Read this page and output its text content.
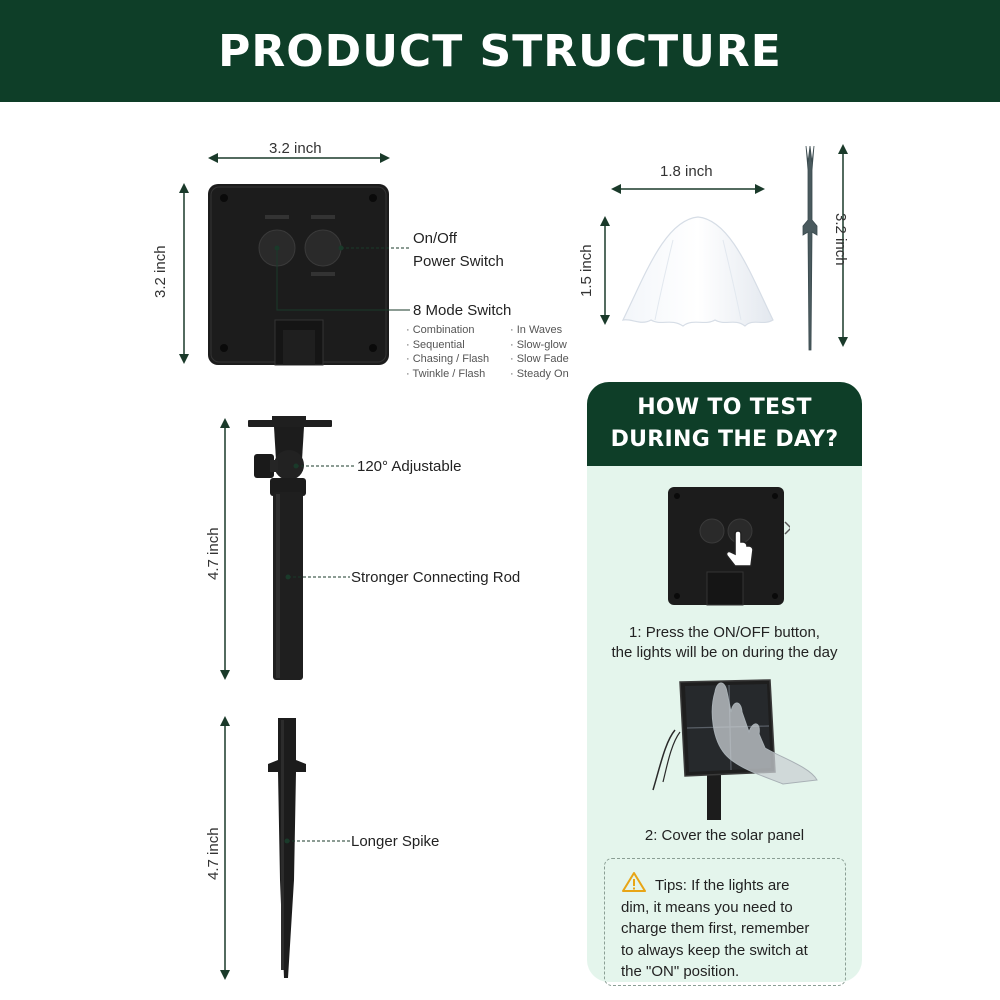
PRODUCT STRUCTURE
3.2 inch
3.2 inch
On/Off
Power Switch
8 Mode Switch
· Combination
· Sequential
· Chasing / Flash
· Twinkle / Flash
· In Waves
· Slow-glow
· Slow Fade
· Steady On
1.8 inch
1.5 inch
3.2 inch
4.7 inch
120° Adjustable
Stronger Connecting Rod
4.7 inch	Longer Spike
HOW TO TEST
DURING THE DAY?
1: Press the ON/OFF button,
the lights will be on during the day
2: Cover the solar panel
Tips: If the lights are
dim, it means you need to
charge them first, remember
to always keep the switch at
the "ON" position.
